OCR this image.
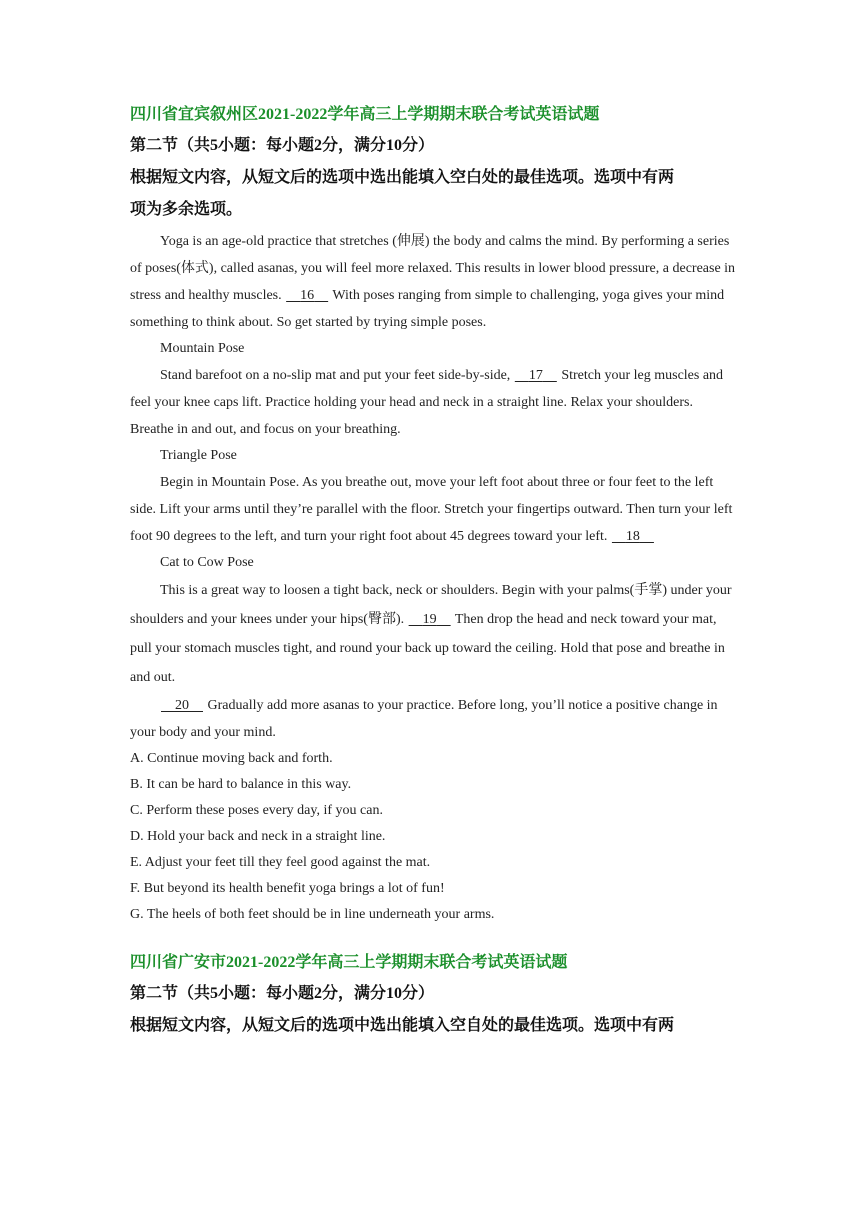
四川省宜宾叙州区2021-2022学年高三上学期期末联合考试英语试题
第二节（共5小题：每小题2分，满分10分）
根据短文内容，从短文后的选项中选出能填入空白处的最佳选项。选项中有两
项为多余选项。

Yoga is an age-old practice that stretches (伸展) the body and calms the mind. By performing a series of poses(体式), called asanas, you will feel more relaxed. This results in lower blood pressure, a decrease in stress and healthy muscles. 16 With poses ranging from simple to challenging, yoga gives your mind something to think about. So get started by trying simple poses.

Mountain Pose

Stand barefoot on a no-slip mat and put your feet side-by-side, 17 Stretch your leg muscles and feel your knee caps lift. Practice holding your head and neck in a straight line. Relax your shoulders. Breathe in and out, and focus on your breathing.

Triangle Pose

Begin in Mountain Pose. As you breathe out, move your left foot about three or four feet to the left side. Lift your arms until they’re parallel with the floor. Stretch your fingertips outward. Then turn your left foot 90 degrees to the left, and turn your right foot about 45 degrees toward your left. 18

Cat to Cow Pose

This is a great way to loosen a tight back, neck or shoulders. Begin with your palms(手掌) under your shoulders and your knees under your hips(臀部). 19 Then drop the head and neck toward your mat, pull your stomach muscles tight, and round your back up toward the ceiling. Hold that pose and breathe in and out.

20 Gradually add more asanas to your practice. Before long, you’ll notice a positive change in your body and your mind.

A. Continue moving back and forth.
B. It can be hard to balance in this way.
C. Perform these poses every day, if you can.
D. Hold your back and neck in a straight line.
E. Adjust your feet till they feel good against the mat.
F. But beyond its health benefit yoga brings a lot of fun!
G. The heels of both feet should be in line underneath your arms.
四川省广安市2021-2022学年高三上学期期末联合考试英语试题
第二节（共5小题：每小题2分，满分10分）
根据短文内容，从短文后的选项中选出能填入空自处的最佳选项。选项中有两
